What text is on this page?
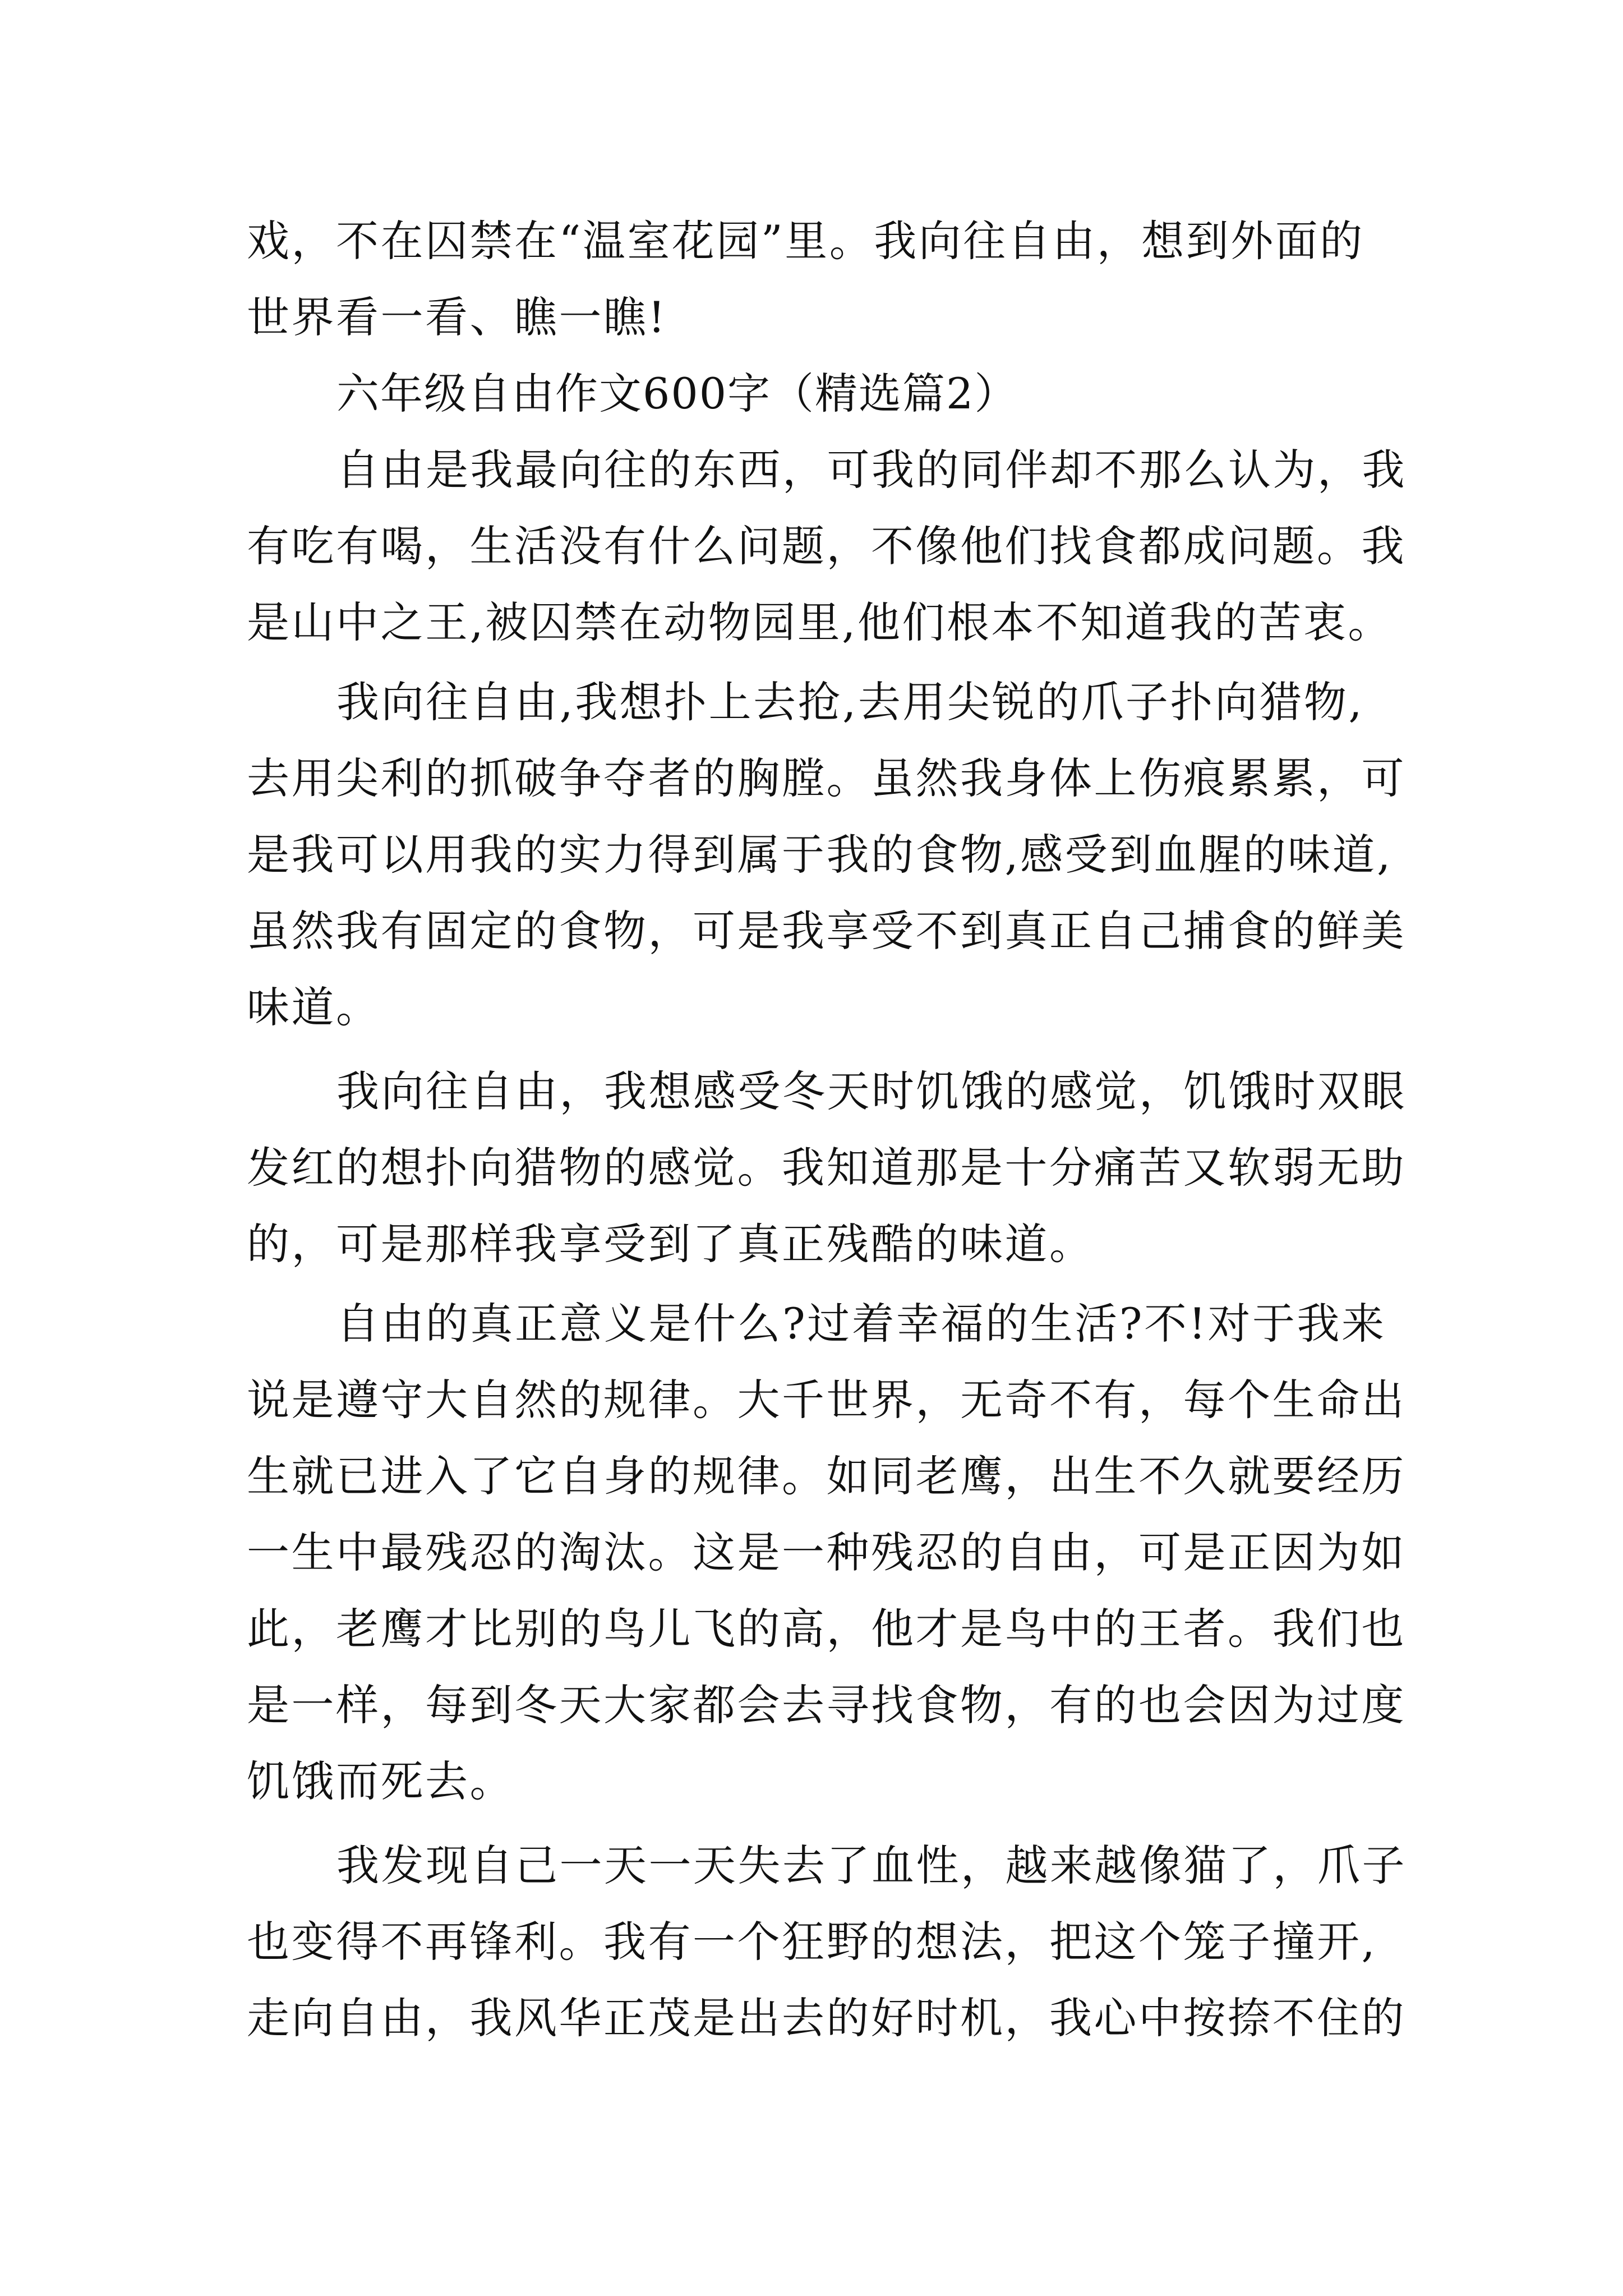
戏，不在囚禁在“温室花园”里。我向往自由，想到外面的
世界看一看、瞧一瞧!
六年级自由作文600字（精选篇2）
自由是我最向往的东西，可我的同伴却不那么认为，我
有吃有喝，生活没有什么问题，不像他们找食都成问题。我
是山中之王,被囚禁在动物园里,他们根本不知道我的苦衷。
我向往自由,我想扑上去抢,去用尖锐的爪子扑向猎物,
去用尖利的抓破争夺者的胸膛。虽然我身体上伤痕累累，可
是我可以用我的实力得到属于我的食物,感受到血腥的味道,
虽然我有固定的食物，可是我享受不到真正自己捕食的鲜美
味道。
我向往自由，我想感受冬天时饥饿的感觉，饥饿时双眼
发红的想扑向猎物的感觉。我知道那是十分痛苦又软弱无助
的，可是那样我享受到了真正残酷的味道。
自由的真正意义是什么?过着幸福的生活?不!对于我来
说是遵守大自然的规律。大千世界，无奇不有，每个生命出
生就已进入了它自身的规律。如同老鹰，出生不久就要经历
一生中最残忍的淘汰。这是一种残忍的自由，可是正因为如
此，老鹰才比别的鸟儿飞的高，他才是鸟中的王者。我们也
是一样，每到冬天大家都会去寻找食物，有的也会因为过度
饥饿而死去。
我发现自己一天一天失去了血性，越来越像猫了，爪子
也变得不再锋利。我有一个狂野的想法，把这个笼子撞开,
走向自由，我风华正茂是出去的好时机，我心中按捺不住的
